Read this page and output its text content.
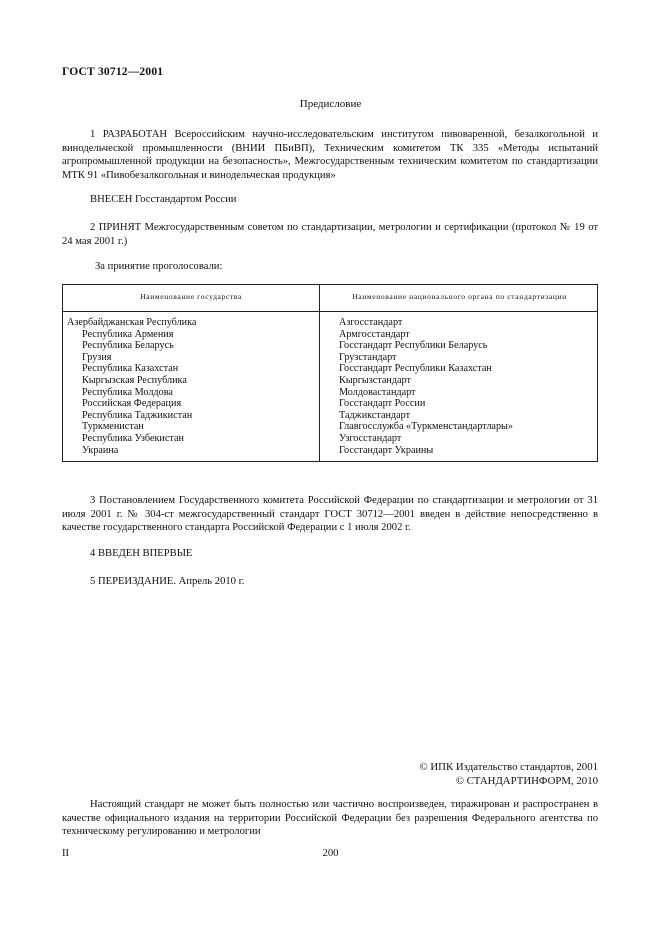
ГОСТ 30712—2001
Предисловие

1 РАЗРАБОТАН Всероссийским научно-исследовательским институтом пивоваренной, безалкогольной и винодельческой промышленности (ВНИИ ПБиВП), Техническим комитетом ТК 335 «Методы испытаний агропромышленной продукции на безопасность», Межгосударственным техническим комитетом по стандартизации МТК 91 «Пивобезалкогольная и винодельческая продукция»

ВНЕСЕН Госстандартом России

2 ПРИНЯТ Межгосударственным советом по стандартизации, метрологии и сертификации (протокол № 19 от 24 мая 2001 г.)

За принятие проголосовали:
Наименование государства	Наименование национального органа по стандартизации
Азербайджанская Республика
Республика Армения
Республика Беларусь
Грузия
Республика Казахстан
Кыргызская Республика
Республика Молдова
Российская Федерация
Республика Таджикистан
Туркменистан
Республика Узбекистан
Украина
Азгосстандарт
Армгосстандарт
Госстандарт Республики Беларусь
Грузстандарт
Госстандарт Республики Казахстан
Кыргызстандарт
Молдовастандарт
Госстандарт России
Таджикстандарт
Главгосслужба «Туркменстандартлары»
Узгосстандарт
Госстандарт Украины

3 Постановлением Государственного комитета Российской Федерации по стандартизации и метрологии от 31 июля 2001 г. № 304-ст межгосударственный стандарт ГОСТ 30712—2001 введен в действие непосредственно в качестве государственного стандарта Российской Федерации с 1 июля 2002 г.

4 ВВЕДЕН ВПЕРВЫЕ
5 ПЕРЕИЗДАНИЕ. Апрель 2010 г.
© ИПК Издательство стандартов, 2001
© СТАНДАРТИНФОРМ, 2010

Настоящий стандарт не может быть полностью или частично воспроизведен, тиражирован и распространен в качестве официального издания на территории Российской Федерации без разрешения Федерального агентства по техническому регулированию и метрологии

II	200
